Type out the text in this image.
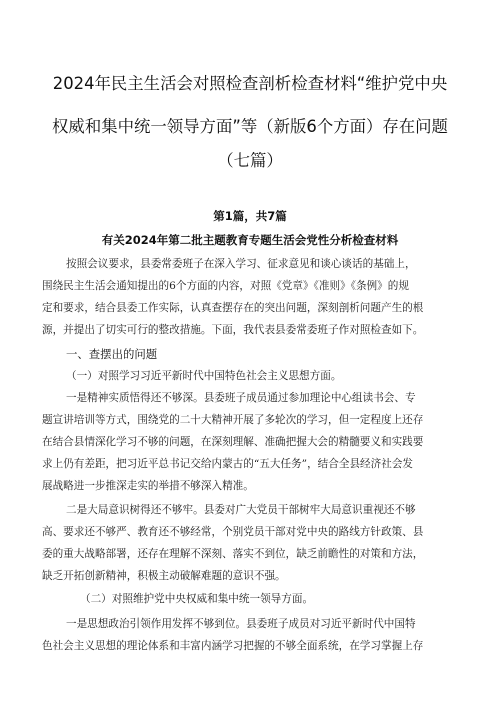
2024年民主生活会对照检查剖析检查材料“维护党中央
权威和集中统一领导方面”等（新版6个方面）存在问题
（七篇）
第1篇，共7篇
有关2024年第二批主题教育专题生活会党性分析检查材料
按照会议要求，县委常委班子在深入学习、征求意见和谈心谈话的基础上，
围绕民主生活会通知提出的6个方面的内容，对照《党章》《准则》《条例》的规
定和要求，结合县委工作实际，认真查摆存在的突出问题，深刻剖析问题产生的根
源，并提出了切实可行的整改措施。下面，我代表县委常委班子作对照检查如下。
一、查摆出的问题
（一）对照学习习近平新时代中国特色社会主义思想方面。
一是精神实质悟得还不够深。县委班子成员通过参加理论中心组读书会、专
题宣讲培训等方式，围绕党的二十大精神开展了多轮次的学习，但一定程度上还存
在结合县情深化学习不够的问题，在深刻理解、准确把握大会的精髓要义和实践要
求上仍有差距，把习近平总书记交给内蒙古的“五大任务”，结合全县经济社会发
展战略进一步推深走实的举措不够深入精准。
二是大局意识树得还不够牢。县委对广大党员干部树牢大局意识重视还不够
高、要求还不够严、教育还不够经常，个别党员干部对党中央的路线方针政策、县
委的重大战略部署，还存在理解不深刻、落实不到位，缺乏前瞻性的对策和方法，
缺乏开拓创新精神，积极主动破解难题的意识不强。
（二）对照维护党中央权威和集中统一领导方面。
一是思想政治引领作用发挥不够到位。县委班子成员对习近平新时代中国特
色社会主义思想的理论体系和丰富内涵学习把握的不够全面系统，在学习掌握上存
